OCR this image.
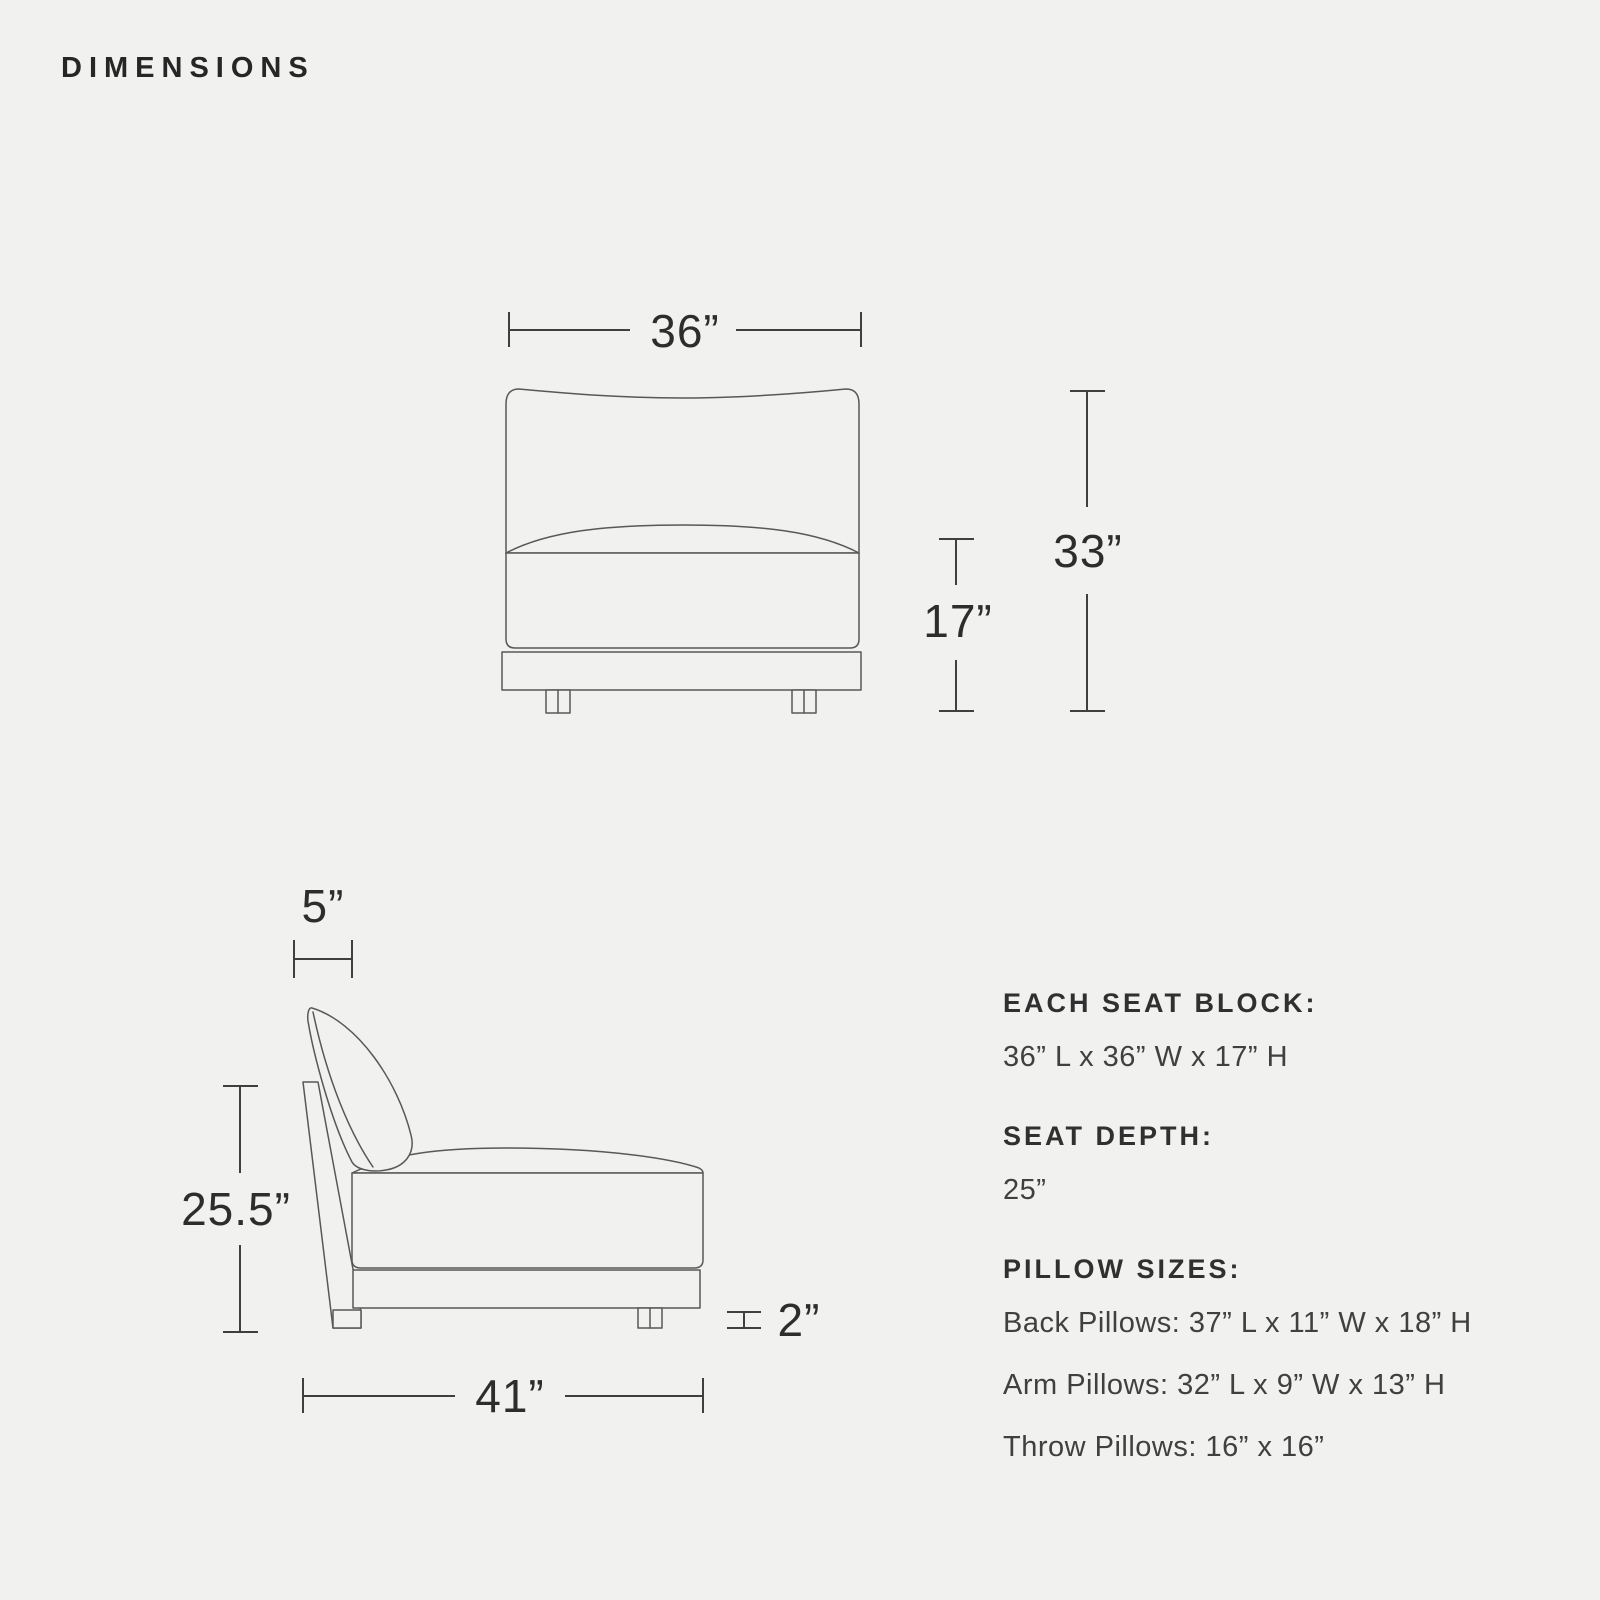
DIMENSIONS
36”
17”
33”
5”
25.5”
41”
2”
EACH SEAT BLOCK:
36” L x 36” W x 17” H
SEAT DEPTH:
25”
PILLOW SIZES:
Back Pillows: 37” L x 11” W x 18” H
Arm Pillows: 32” L x 9” W x 13” H
Throw Pillows: 16” x 16”
